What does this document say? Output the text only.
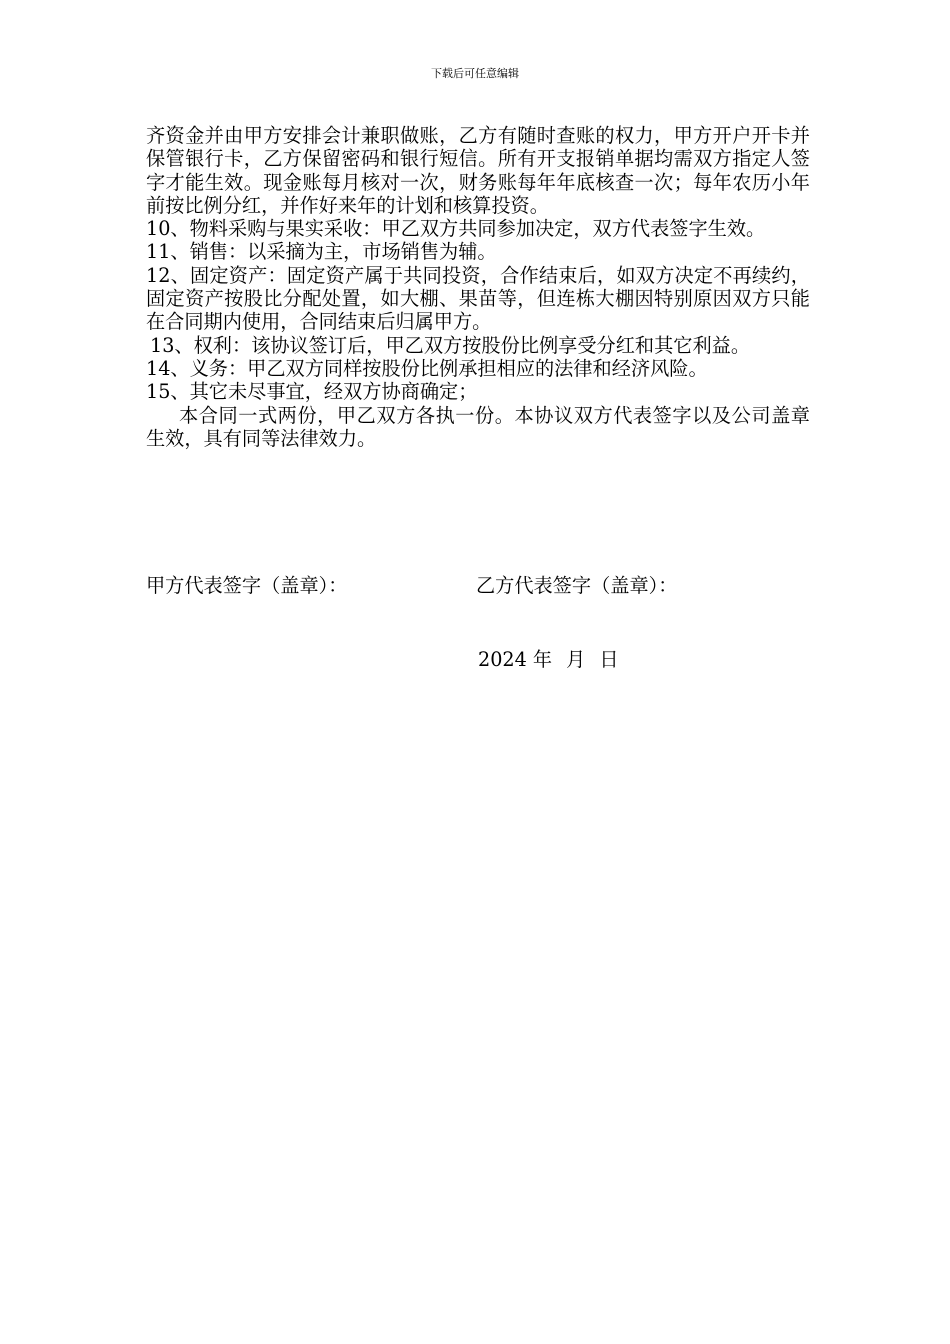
下载后可任意编辑

齐资金并由甲方安排会计兼职做账，乙方有随时查账的权力，甲方开户开卡并保管银行卡，乙方保留密码和银行短信。所有开支报销单据均需双方指定人签字才能生效。现金账每月核对一次，财务账每年年底核查一次；每年农历小年前按比例分红，并作好来年的计划和核算投资。

10、物料采购与果实采收：甲乙双方共同参加决定，双方代表签字生效。

11、销售：以采摘为主，市场销售为辅。

12、固定资产：固定资产属于共同投资，合作结束后，如双方决定不再续约，固定资产按股比分配处置，如大棚、果苗等，但连栋大棚因特别原因双方只能在合同期内使用，合同结束后归属甲方。

13、权利：该协议签订后，甲乙双方按股份比例享受分红和其它利益。

14、义务：甲乙双方同样按股份比例承担相应的法律和经济风险。

15、其它未尽事宜，经双方协商确定；

本合同一式两份，甲乙双方各执一份。本协议双方代表签字以及公司盖章生效，具有同等法律效力。

甲方代表签字（盖章）：	乙方代表签字（盖章）：
2024 年 月 日
